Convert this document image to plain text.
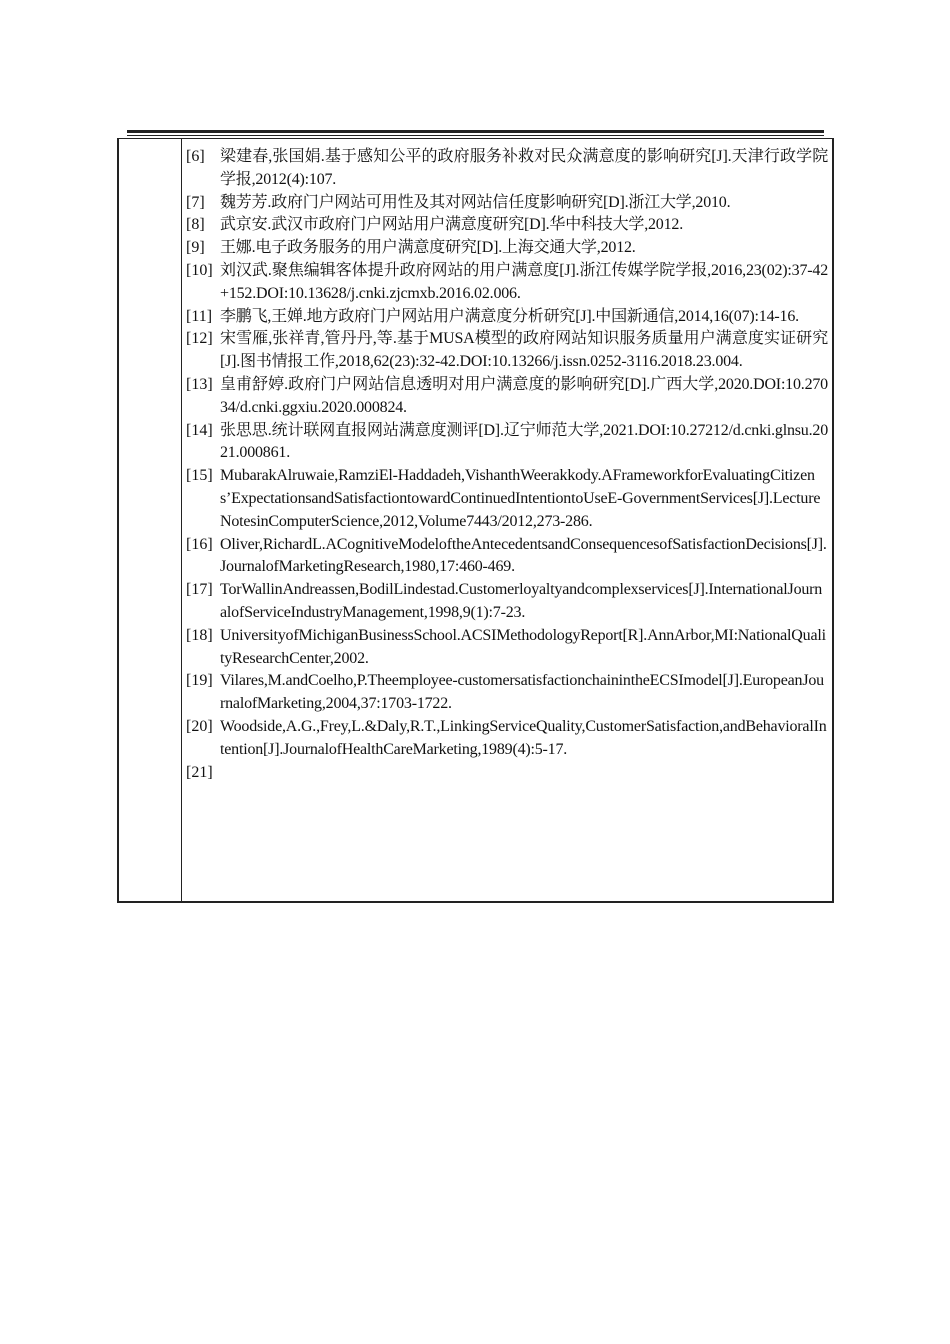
[6] 梁建春,张国娟.基于感知公平的政府服务补救对民众满意度的影响研究[J].天津行政学院学报,2012(4):107.
[7] 魏芳芳.政府门户网站可用性及其对网站信任度影响研究[D].浙江大学,2010.
[8] 武京安.武汉市政府门户网站用户满意度研究[D].华中科技大学,2012.
[9] 王娜.电子政务服务的用户满意度研究[D].上海交通大学,2012.
[10] 刘汉武.聚焦编辑客体提升政府网站的用户满意度[J].浙江传媒学院学报,2016,23(02):37-42+152.DOI:10.13628/j.cnki.zjcmxb.2016.02.006.
[11] 李鹏飞,王婵.地方政府门户网站用户满意度分析研究[J].中国新通信,2014,16(07):14-16.
[12] 宋雪雁,张祥青,管丹丹,等.基于MUSA模型的政府网站知识服务质量用户满意度实证研究[J].图书情报工作,2018,62(23):32-42.DOI:10.13266/j.issn.0252-3116.2018.23.004.
[13] 皇甫舒婷.政府门户网站信息透明对用户满意度的影响研究[D].广西大学,2020.DOI:10.27034/d.cnki.ggxiu.2020.000824.
[14] 张思思.统计联网直报网站满意度测评[D].辽宁师范大学,2021.DOI:10.27212/d.cnki.glnsu.2021.000861.
[15] MubarakAlruwaie,RamziEl-Haddadeh,VishanthWeerakkody.AFrameworkforEvaluatingCitizens’ExpectationsandSatisfactiontowardContinuedIntentiontoUseE-GovernmentServices[J].LectureNotesinComputerScience,2012,Volume7443/2012,273-286.
[16] Oliver,RichardL.ACognitiveModeloftheAntecedentsandConsequencesofSatisfactionDecisions[J].JournalofMarketingResearch,1980,17:460-469.
[17] TorWallinAndreassen,BodilLindestad.Customerloyaltyandcomplexservices[J].InternationalJournalofServiceIndustryManagement,1998,9(1):7-23.
[18] UniversityofMichiganBusinessSchool.ACSIMethodologyReport[R].AnnArbor,MI:NationalQualityResearchCenter,2002.
[19] Vilares,M.andCoelho,P.Theemployee-customersatisfactionchainintheECSImodel[J].EuropeanJournalofMarketing,2004,37:1703-1722.
[20] Woodside,A.G.,Frey,L.&Daly,R.T.,LinkingServiceQuality,CustomerSatisfaction,andBehavioralIntention[J].JournalofHealthCareMarketing,1989(4):5-17.
[21]
